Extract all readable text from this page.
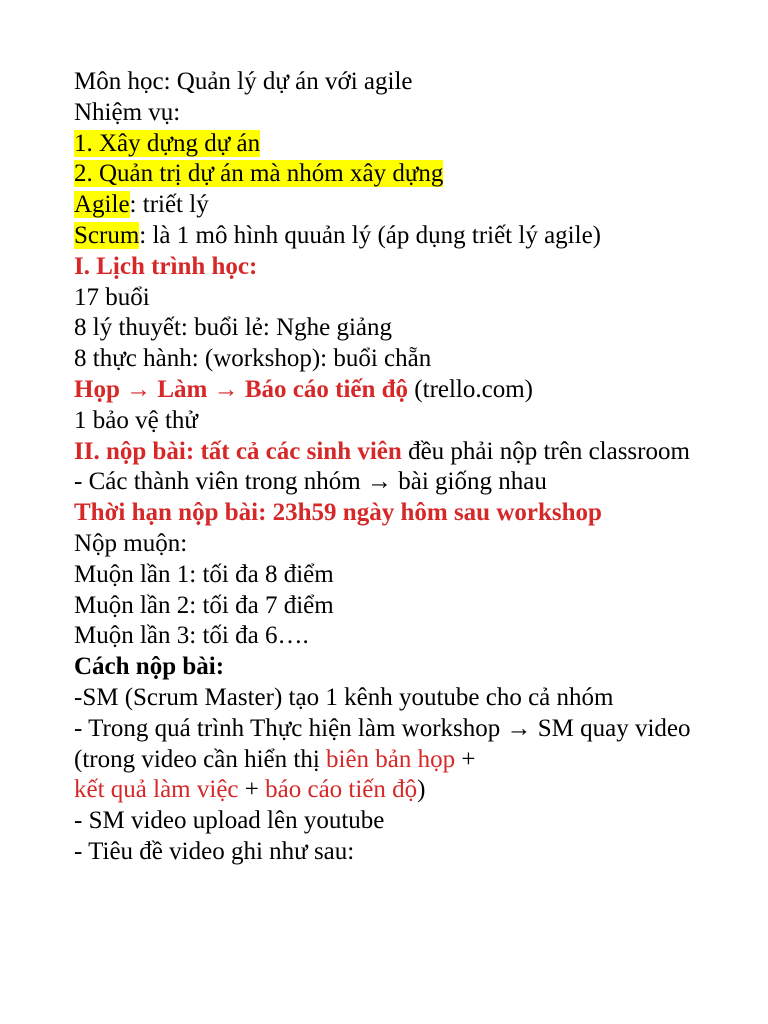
Môn học: Quản lý dự án với agile
Nhiệm vụ:
1. Xây dựng dự án
2. Quản trị dự án mà nhóm xây dựng
Agile: triết lý
Scrum: là 1 mô hình quuản lý (áp dụng triết lý agile)
I. Lịch trình học:
17 buổi
8 lý thuyết: buổi lẻ: Nghe giảng
8 thực hành: (workshop): buổi chẵn
Họp → Làm → Báo cáo tiến độ (trello.com)
1 bảo vệ thử
II. nộp bài: tất cả các sinh viên đều phải nộp trên classroom
- Các thành viên trong nhóm → bài giống nhau
Thời hạn nộp bài: 23h59 ngày hôm sau workshop
Nộp muộn:
Muộn lần 1: tối đa 8 điểm
Muộn lần 2: tối đa 7 điểm
Muộn lần 3: tối đa 6….
Cách nộp bài:
-SM (Scrum Master) tạo 1 kênh youtube cho cả nhóm
- Trong quá trình Thực hiện làm workshop → SM quay video (trong video cần hiển thị biên bản họp +
kết quả làm việc + báo cáo tiến độ)
- SM video upload lên youtube
- Tiêu đề video ghi như sau:
